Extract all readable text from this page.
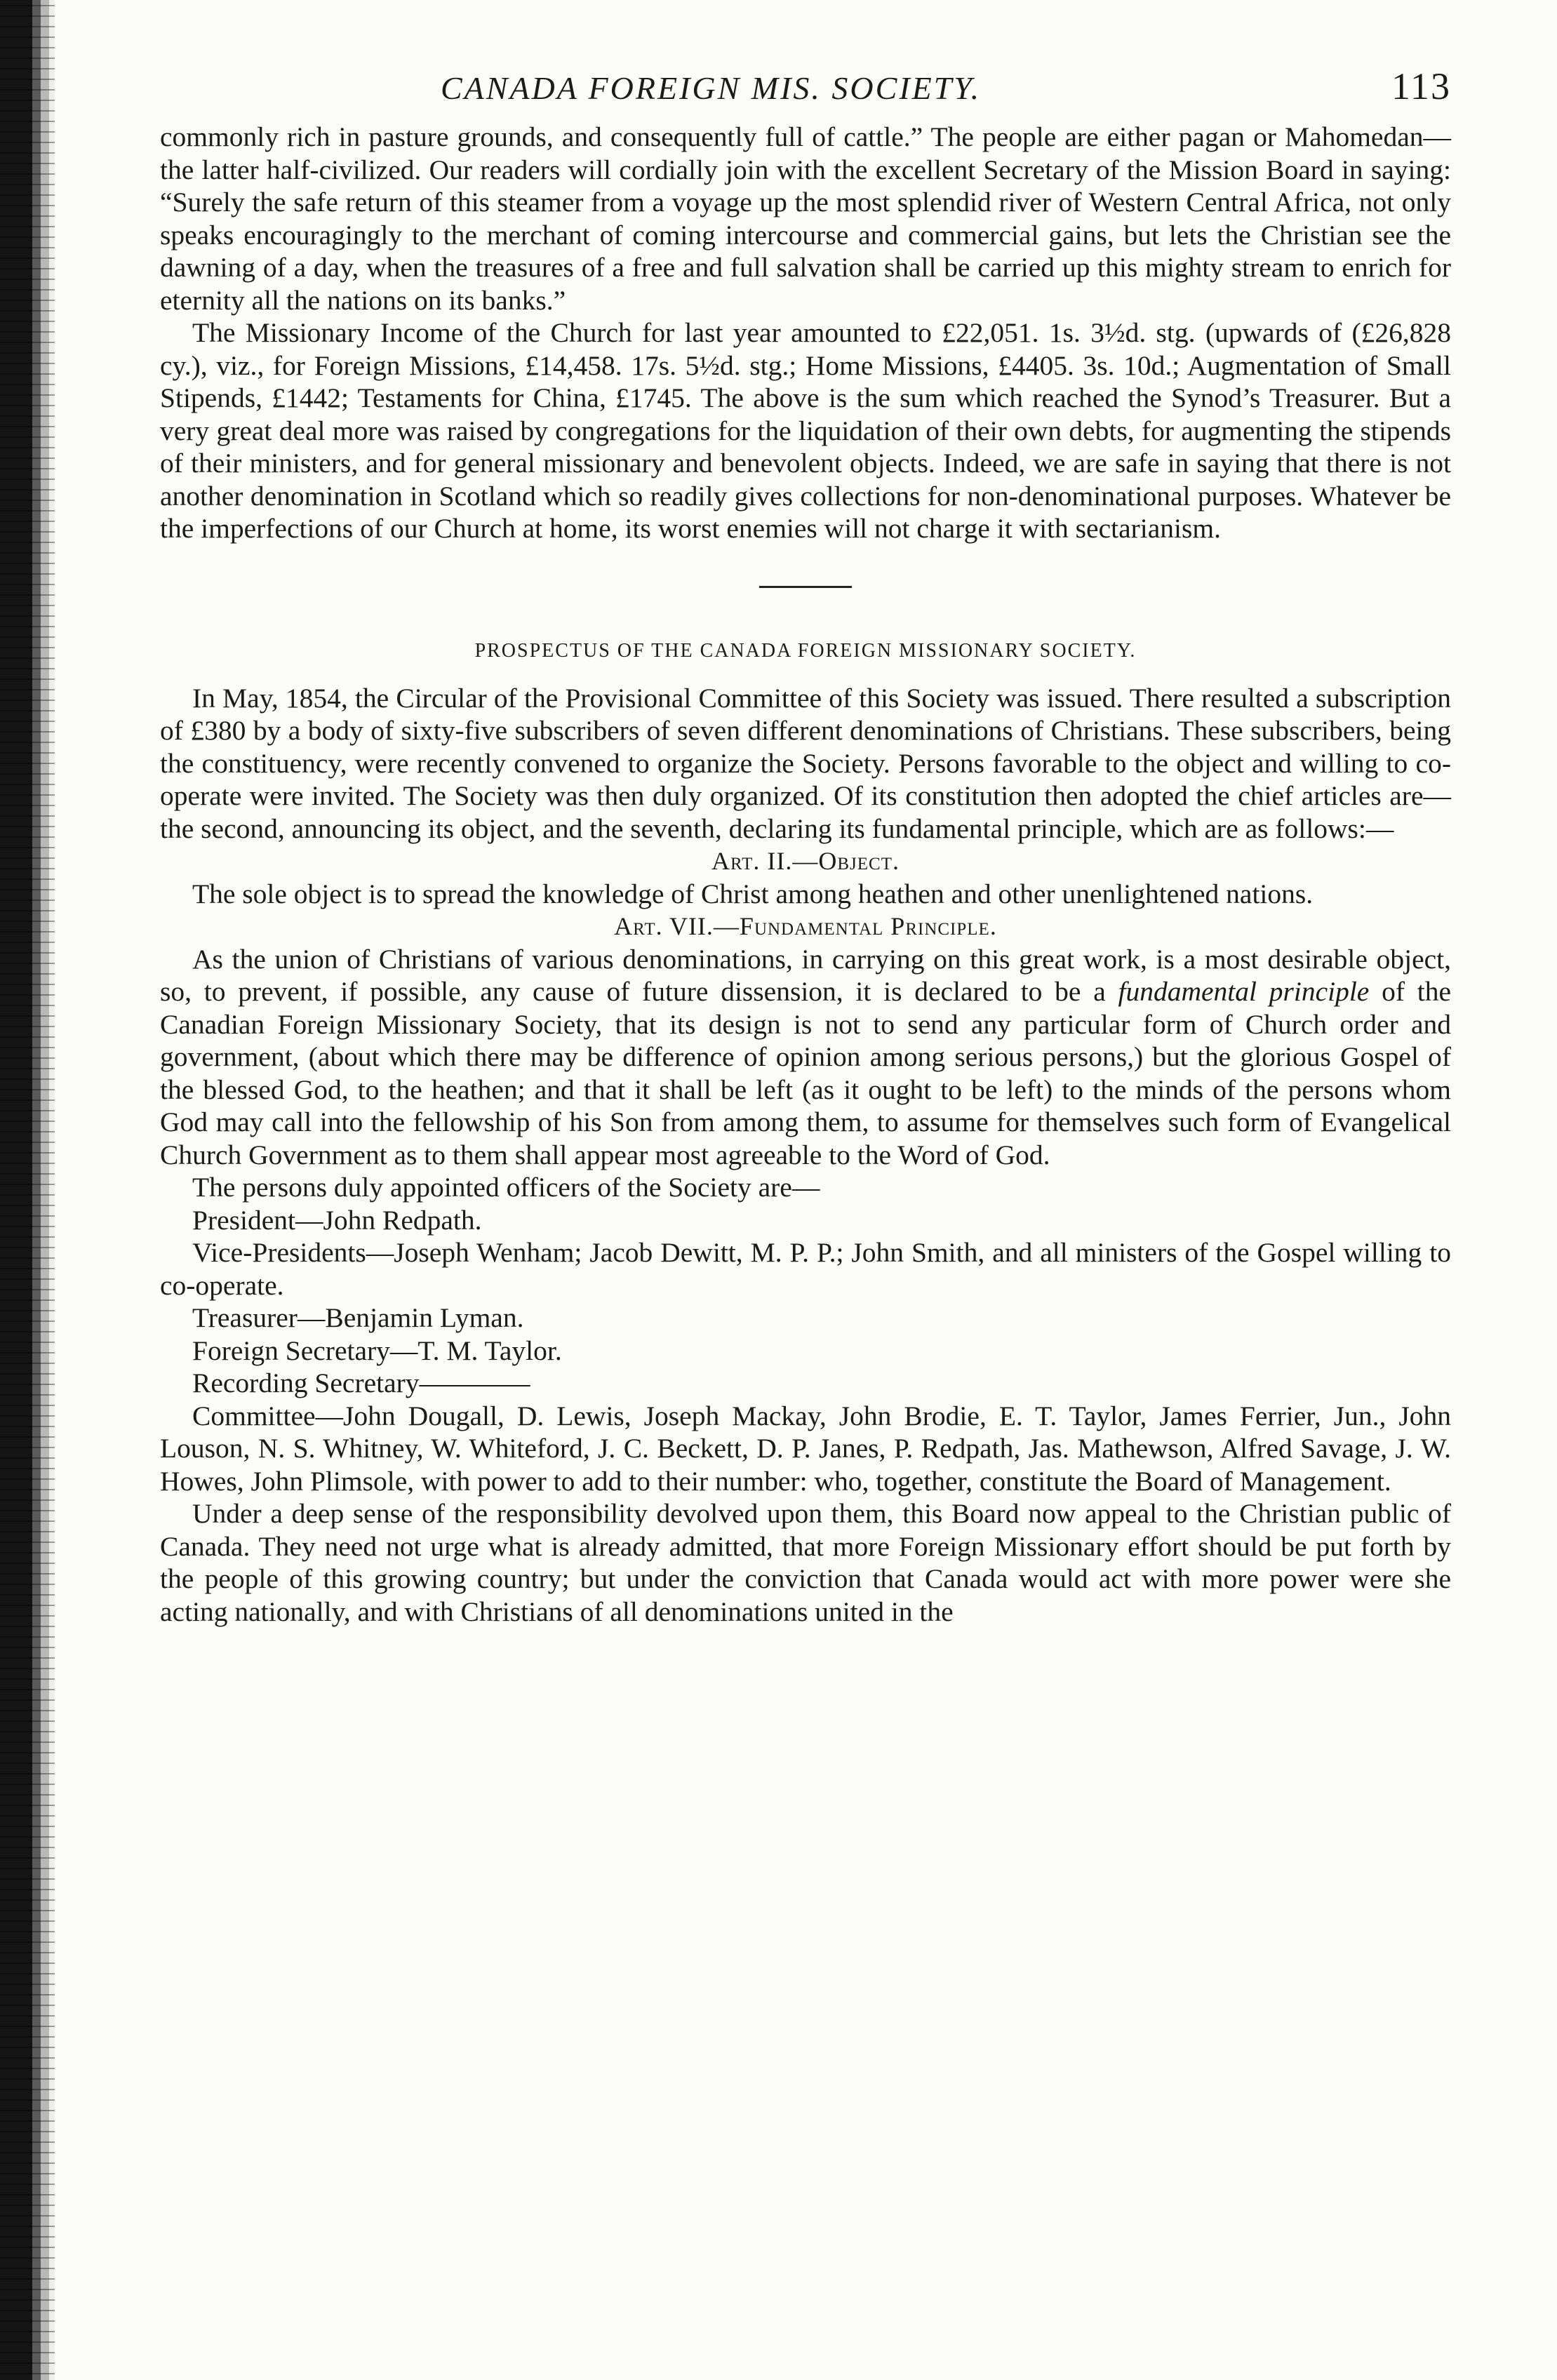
CANADA FOREIGN MIS. SOCIETY.	113

commonly rich in pasture grounds, and consequently full of cattle.” The people are either pagan or Mahomedan—the latter half-civilized. Our readers will cordially join with the excellent Secretary of the Mission Board in saying: “Surely the safe return of this steamer from a voyage up the most splendid river of Western Central Africa, not only speaks encouragingly to the merchant of coming intercourse and commercial gains, but lets the Christian see the dawning of a day, when the treasures of a free and full salvation shall be carried up this mighty stream to enrich for eternity all the nations on its banks.”

The Missionary Income of the Church for last year amounted to £22,051. 1s. 3½d. stg. (upwards of (£26,828 cy.), viz., for Foreign Missions, £14,458. 17s. 5½d. stg.; Home Missions, £4405. 3s. 10d.; Augmentation of Small Stipends, £1442; Testaments for China, £1745. The above is the sum which reached the Synod’s Treasurer. But a very great deal more was raised by congregations for the liquidation of their own debts, for augmenting the stipends of their ministers, and for general missionary and benevolent objects. Indeed, we are safe in saying that there is not another denomination in Scotland which so readily gives collections for non-denominational purposes. Whatever be the imperfections of our Church at home, its worst enemies will not charge it with sectarianism.

PROSPECTUS OF THE CANADA FOREIGN MISSIONARY SOCIETY.

In May, 1854, the Circular of the Provisional Committee of this Society was issued. There resulted a subscription of £380 by a body of sixty-five subscribers of seven different denominations of Christians. These subscribers, being the constituency, were recently convened to organize the Society. Persons favorable to the object and willing to co-operate were invited. The Society was then duly organized. Of its constitution then adopted the chief articles are—the second, announcing its object, and the seventh, declaring its fundamental principle, which are as follows:—

Art. II.—Object.

The sole object is to spread the knowledge of Christ among heathen and other unenlightened nations.

Art. VII.—Fundamental Principle.

As the union of Christians of various denominations, in carrying on this great work, is a most desirable object, so, to prevent, if possible, any cause of future dissension, it is declared to be a fundamental principle of the Canadian Foreign Missionary Society, that its design is not to send any particular form of Church order and government, (about which there may be difference of opinion among serious persons,) but the glorious Gospel of the blessed God, to the heathen; and that it shall be left (as it ought to be left) to the minds of the persons whom God may call into the fellowship of his Son from among them, to assume for themselves such form of Evangelical Church Government as to them shall appear most agreeable to the Word of God.

The persons duly appointed officers of the Society are—
President—John Redpath.
Vice-Presidents—Joseph Wenham; Jacob Dewitt, M. P. P.; John Smith, and all ministers of the Gospel willing to co-operate.
Treasurer—Benjamin Lyman.
Foreign Secretary—T. M. Taylor.
Recording Secretary————
Committee—John Dougall, D. Lewis, Joseph Mackay, John Brodie, E. T. Taylor, James Ferrier, Jun., John Louson, N. S. Whitney, W. Whiteford, J. C. Beckett, D. P. Janes, P. Redpath, Jas. Mathewson, Alfred Savage, J. W. Howes, John Plimsole, with power to add to their number: who, together, constitute the Board of Management.

Under a deep sense of the responsibility devolved upon them, this Board now appeal to the Christian public of Canada. They need not urge what is already admitted, that more Foreign Missionary effort should be put forth by the people of this growing country; but under the conviction that Canada would act with more power were she acting nationally, and with Christians of all denominations united in the
